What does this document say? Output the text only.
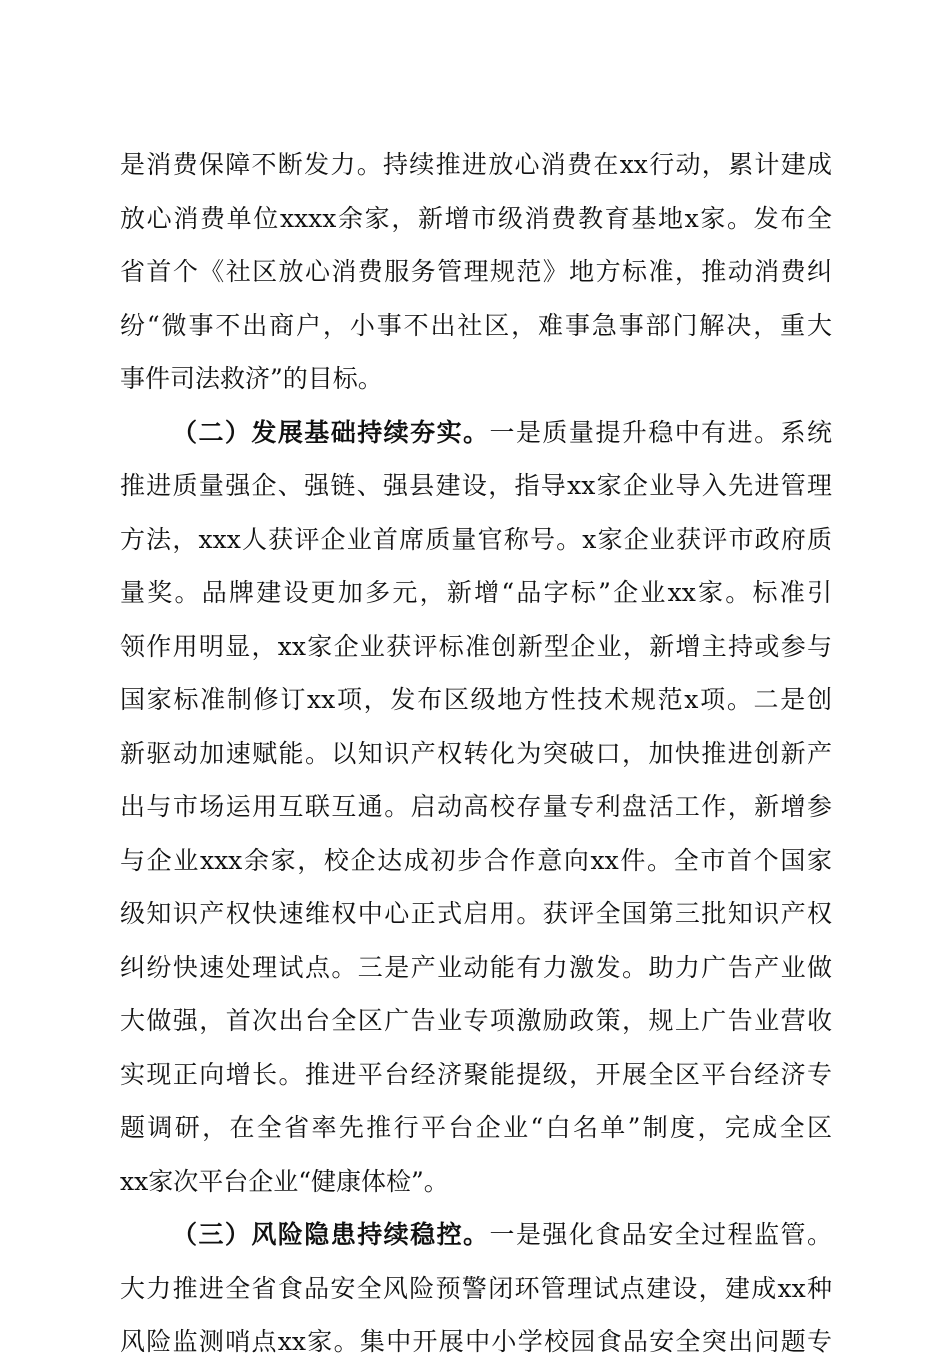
是消费保障不断发力。持续推进放心消费在xx行动，累计建成
放心消费单位xxxx余家，新增市级消费教育基地x家。发布全
省首个《社区放心消费服务管理规范》地方标准，推动消费纠
纷“微事不出商户，小事不出社区，难事急事部门解决，重大
事件司法救济”的目标。
（二）发展基础持续夯实。一是质量提升稳中有进。系统
推进质量强企、强链、强县建设，指导xx家企业导入先进管理
方法，xxx人获评企业首席质量官称号。x家企业获评市政府质
量奖。品牌建设更加多元，新增“品字标”企业xx家。标准引
领作用明显，xx家企业获评标准创新型企业，新增主持或参与
国家标准制修订xx项，发布区级地方性技术规范x项。二是创
新驱动加速赋能。以知识产权转化为突破口，加快推进创新产
出与市场运用互联互通。启动高校存量专利盘活工作，新增参
与企业xxx余家，校企达成初步合作意向xx件。全市首个国家
级知识产权快速维权中心正式启用。获评全国第三批知识产权
纠纷快速处理试点。三是产业动能有力激发。助力广告产业做
大做强，首次出台全区广告业专项激励政策，规上广告业营收
实现正向增长。推进平台经济聚能提级，开展全区平台经济专
题调研，在全省率先推行平台企业“白名单”制度，完成全区
xx家次平台企业“健康体检”。
（三）风险隐患持续稳控。一是强化食品安全过程监管。
大力推进全省食品安全风险预警闭环管理试点建设，建成xx种
风险监测哨点xx家。集中开展中小学校园食品安全突出问题专
